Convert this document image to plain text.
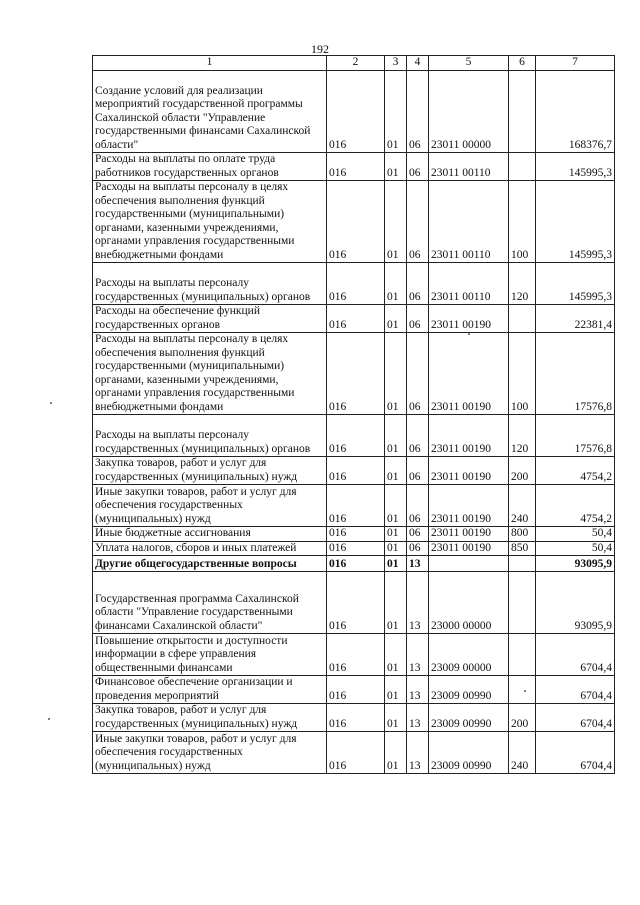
192
1	2	3	4	5	6	7
Создание условий для реализации мероприятий государственной программы Сахалинской области "Управление государственными финансами Сахалинской области"	016	01	06	23011 00000		168376,7
Расходы на выплаты по оплате труда работников государственных органов	016	01	06	23011 00110		145995,3
Расходы на выплаты персоналу в целях обеспечения выполнения функций государственными (муниципальными) органами, казенными учреждениями, органами управления государственными внебюджетными фондами	016	01	06	23011 00110	100	145995,3
Расходы на выплаты персоналу государственных (муниципальных) органов	016	01	06	23011 00110	120	145995,3
Расходы на обеспечение функций государственных органов	016	01	06	23011 00190		22381,4
Расходы на выплаты персоналу в целях обеспечения выполнения функций государственными (муниципальными) органами, казенными учреждениями, органами управления государственными внебюджетными фондами	016	01	06	23011 00190	100	17576,8
Расходы на выплаты персоналу государственных (муниципальных) органов	016	01	06	23011 00190	120	17576,8
Закупка товаров, работ и услуг для государственных (муниципальных) нужд	016	01	06	23011 00190	200	4754,2
Иные закупки товаров, работ и услуг для обеспечения государственных (муниципальных) нужд	016	01	06	23011 00190	240	4754,2
Иные бюджетные ассигнования	016	01	06	23011 00190	800	50,4
Уплата налогов, сборов и иных платежей	016	01	06	23011 00190	850	50,4
Другие общегосударственные вопросы	016	01	13			93095,9
Государственная программа Сахалинской области "Управление государственными финансами Сахалинской области"	016	01	13	23000 00000		93095,9
Повышение открытости и доступности информации в сфере управления общественными финансами	016	01	13	23009 00000		6704,4
Финансовое обеспечение организации и проведения мероприятий	016	01	13	23009 00990		6704,4
Закупка товаров, работ и услуг для государственных (муниципальных) нужд	016	01	13	23009 00990	200	6704,4
Иные закупки товаров, работ и услуг для обеспечения государственных (муниципальных) нужд	016	01	13	23009 00990	240	6704,4
